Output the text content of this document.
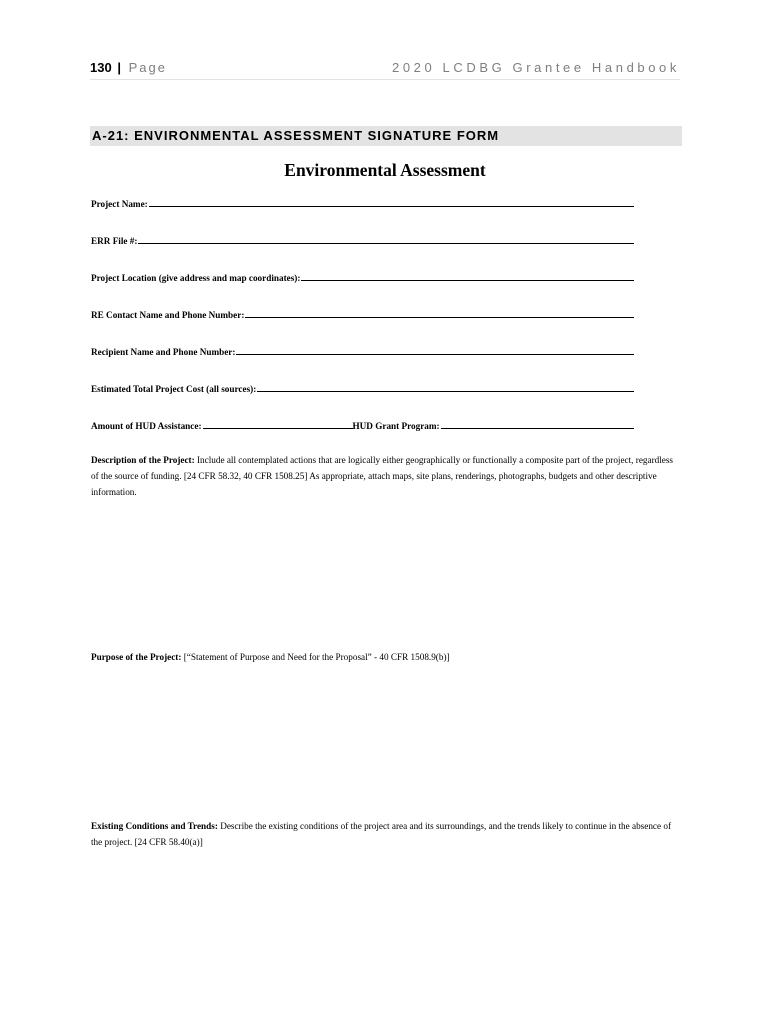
130 | Page	2020 LCDBG Grantee Handbook
A-21: ENVIRONMENTAL ASSESSMENT SIGNATURE FORM
Environmental Assessment
Project Name:
ERR File #:
Project Location (give address and map coordinates):
RE Contact Name and Phone Number:
Recipient Name and Phone Number:
Estimated Total Project Cost (all sources):
Amount of HUD Assistance:	HUD Grant Program:
Description of the Project: Include all contemplated actions that are logically either geographically or functionally a composite part of the project, regardless of the source of funding. [24 CFR 58.32, 40 CFR 1508.25] As appropriate, attach maps, site plans, renderings, photographs, budgets and other descriptive information.
Purpose of the Project: [“Statement of Purpose and Need for the Proposal” - 40 CFR 1508.9(b)]
Existing Conditions and Trends: Describe the existing conditions of the project area and its surroundings, and the trends likely to continue in the absence of the project. [24 CFR 58.40(a)]
